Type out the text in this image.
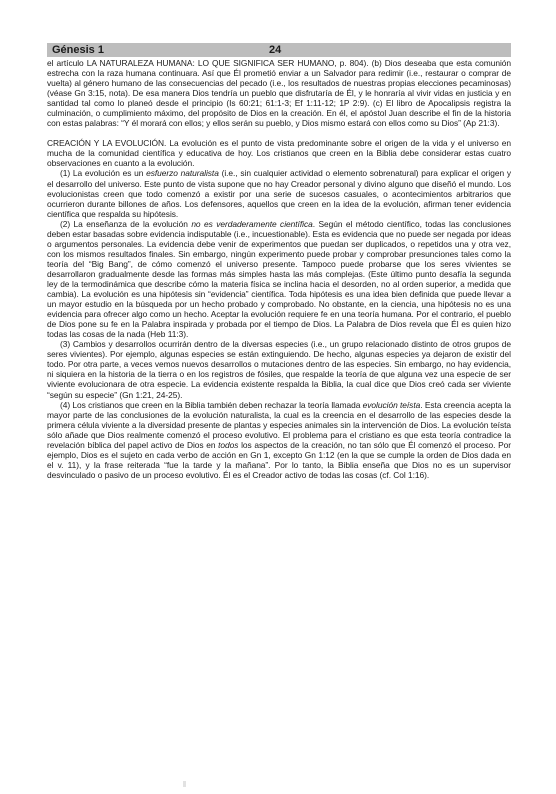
Génesis 1	24

el artículo LA NATURALEZA HUMANA: LO QUE SIGNIFICA SER HUMANO, p. 804). (b) Dios deseaba que esta comunión estrecha con la raza humana continuara. Así que Él prometió enviar a un Salvador para redimir (i.e., restaurar o comprar de vuelta) al género humano de las consecuencias del pecado (i.e., los resultados de nuestras propias elecciones pecaminosas) (véase Gn 3:15, nota). De esa manera Dios tendría un pueblo que disfrutaría de Él, y le honraría al vivir vidas en justicia y en santidad tal como lo planeó desde el principio (Is 60:21; 61:1-3; Ef 1:11-12; 1P 2:9). (c) El libro de Apocalipsis registra la culminación, o cumplimiento máximo, del propósito de Dios en la creación. En él, el apóstol Juan describe el fin de la historia con estas palabras: “Y él morará con ellos; y ellos serán su pueblo, y Dios mismo estará con ellos como su Dios” (Ap 21:3).

CREACIÓN Y LA EVOLUCIÓN. La evolución es el punto de vista predominante sobre el origen de la vida y el universo en mucha de la comunidad científica y educativa de hoy. Los cristianos que creen en la Biblia debe considerar estas cuatro observaciones en cuanto a la evolución.

(1) La evolución es un esfuerzo naturalista (i.e., sin cualquier actividad o elemento sobrenatural) para explicar el origen y el desarrollo del universo. Este punto de vista supone que no hay Creador personal y divino alguno que diseñó el mundo. Los evolucionistas creen que todo comenzó a existir por una serie de sucesos casuales, o acontecimientos arbitrarios que ocurrieron durante billones de años. Los defensores, aquellos que creen en la idea de la evolución, afirman tener evidencia científica que respalda su hipótesis.

(2) La enseñanza de la evolución no es verdaderamente científica. Según el método científico, todas las conclusiones deben estar basadas sobre evidencia indisputable (i.e., incuestionable). Esta es evidencia que no puede ser negada por ideas o argumentos personales. La evidencia debe venir de experimentos que puedan ser duplicados, o repetidos una y otra vez, con los mismos resultados finales. Sin embargo, ningún experimento puede probar y comprobar presunciones tales como la teoría del “Big Bang”, de cómo comenzó el universo presente. Tampoco puede probarse que los seres vivientes se desarrollaron gradualmente desde las formas más simples hasta las más complejas. (Este último punto desafía la segunda ley de la termodinámica que describe cómo la materia física se inclina hacia el desorden, no al orden superior, a medida que cambia). La evolución es una hipótesis sin “evidencia” científica. Toda hipótesis es una idea bien definida que puede llevar a un mayor estudio en la búsqueda por un hecho probado y comprobado. No obstante, en la ciencia, una hipótesis no es una evidencia para ofrecer algo como un hecho. Aceptar la evolución requiere fe en una teoría humana. Por el contrario, el pueblo de Dios pone su fe en la Palabra inspirada y probada por el tiempo de Dios. La Palabra de Dios revela que Él es quien hizo todas las cosas de la nada (Heb 11:3).

(3) Cambios y desarrollos ocurrirán dentro de la diversas especies (i.e., un grupo relacionado distinto de otros grupos de seres vivientes). Por ejemplo, algunas especies se están extinguiendo. De hecho, algunas especies ya dejaron de existir del todo. Por otra parte, a veces vemos nuevos desarrollos o mutaciones dentro de las especies. Sin embargo, no hay evidencia, ni siquiera en la historia de la tierra o en los registros de fósiles, que respalde la teoría de que alguna vez una especie de ser viviente evolucionara de otra especie. La evidencia existente respalda la Biblia, la cual dice que Dios creó cada ser viviente “según su especie” (Gn 1:21, 24-25).

(4) Los cristianos que creen en la Biblia también deben rechazar la teoría llamada evolución teísta. Esta creencia acepta la mayor parte de las conclusiones de la evolución naturalista, la cual es la creencia en el desarrollo de las especies desde la primera célula viviente a la diversidad presente de plantas y especies animales sin la intervención de Dios. La evolución teísta sólo añade que Dios realmente comenzó el proceso evolutivo. El problema para el cristiano es que esta teoría contradice la revelación bíblica del papel activo de Dios en todos los aspectos de la creación, no tan sólo que Él comenzó el proceso. Por ejemplo, Dios es el sujeto en cada verbo de acción en Gn 1, excepto Gn 1:12 (en la que se cumple la orden de Dios dada en el v. 11), y la frase reiterada “fue la tarde y la mañana”. Por lo tanto, la Biblia enseña que Dios no es un supervisor desvinculado o pasivo de un proceso evolutivo. Él es el Creador activo de todas las cosas (cf. Col 1:16).
